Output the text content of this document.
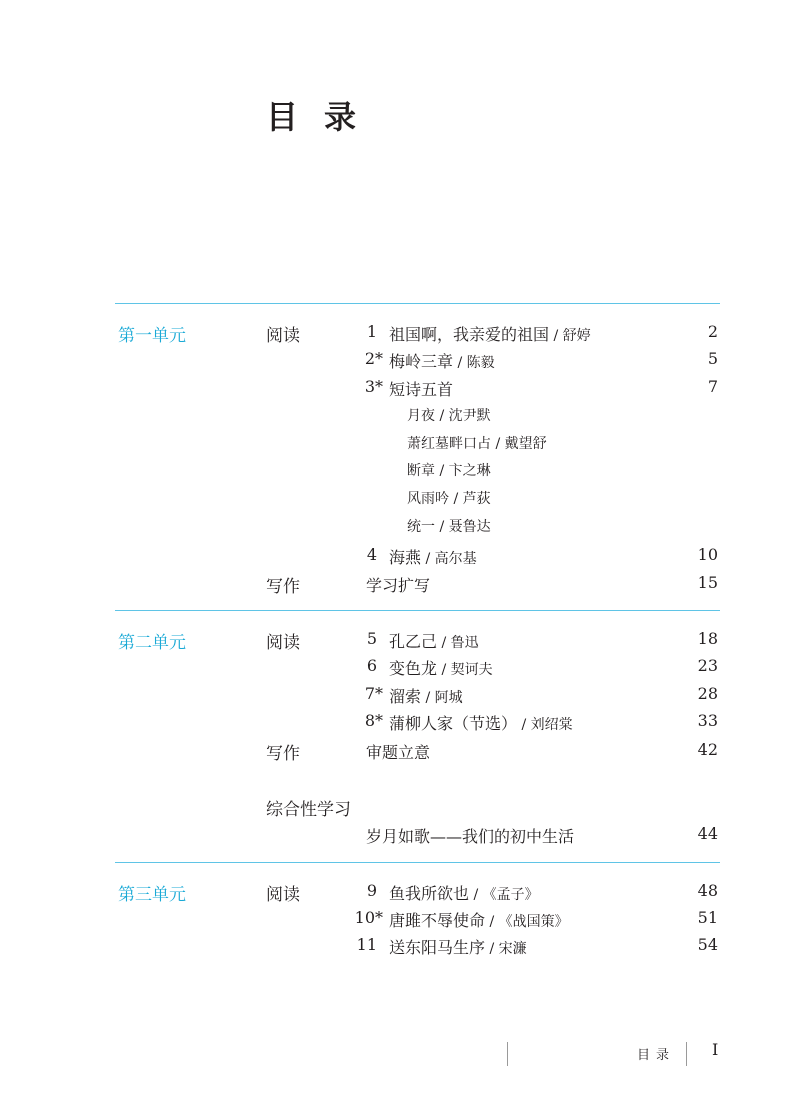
目录
第一单元	阅读	1 祖国啊，我亲爱的祖国 / 舒婷	2
2* 梅岭三章 / 陈毅	5
3* 短诗五首	7
月夜 / 沈尹默
萧红墓畔口占 / 戴望舒
断章 / 卞之琳
风雨吟 / 芦荻
统一 / 聂鲁达
4 海燕 / 高尔基	10
写作	学习扩写	15
第二单元	阅读	5 孔乙己 / 鲁迅	18
6 变色龙 / 契诃夫	23
7* 溜索 / 阿城	28
8* 蒲柳人家（节选） / 刘绍棠	33
写作	审题立意	42
综合性学习
岁月如歌——我们的初中生活	44
第三单元	阅读	9 鱼我所欲也 / 《孟子》	48
10* 唐雎不辱使命 / 《战国策》	51
11 送东阳马生序 / 宋濂	54
目录 I
